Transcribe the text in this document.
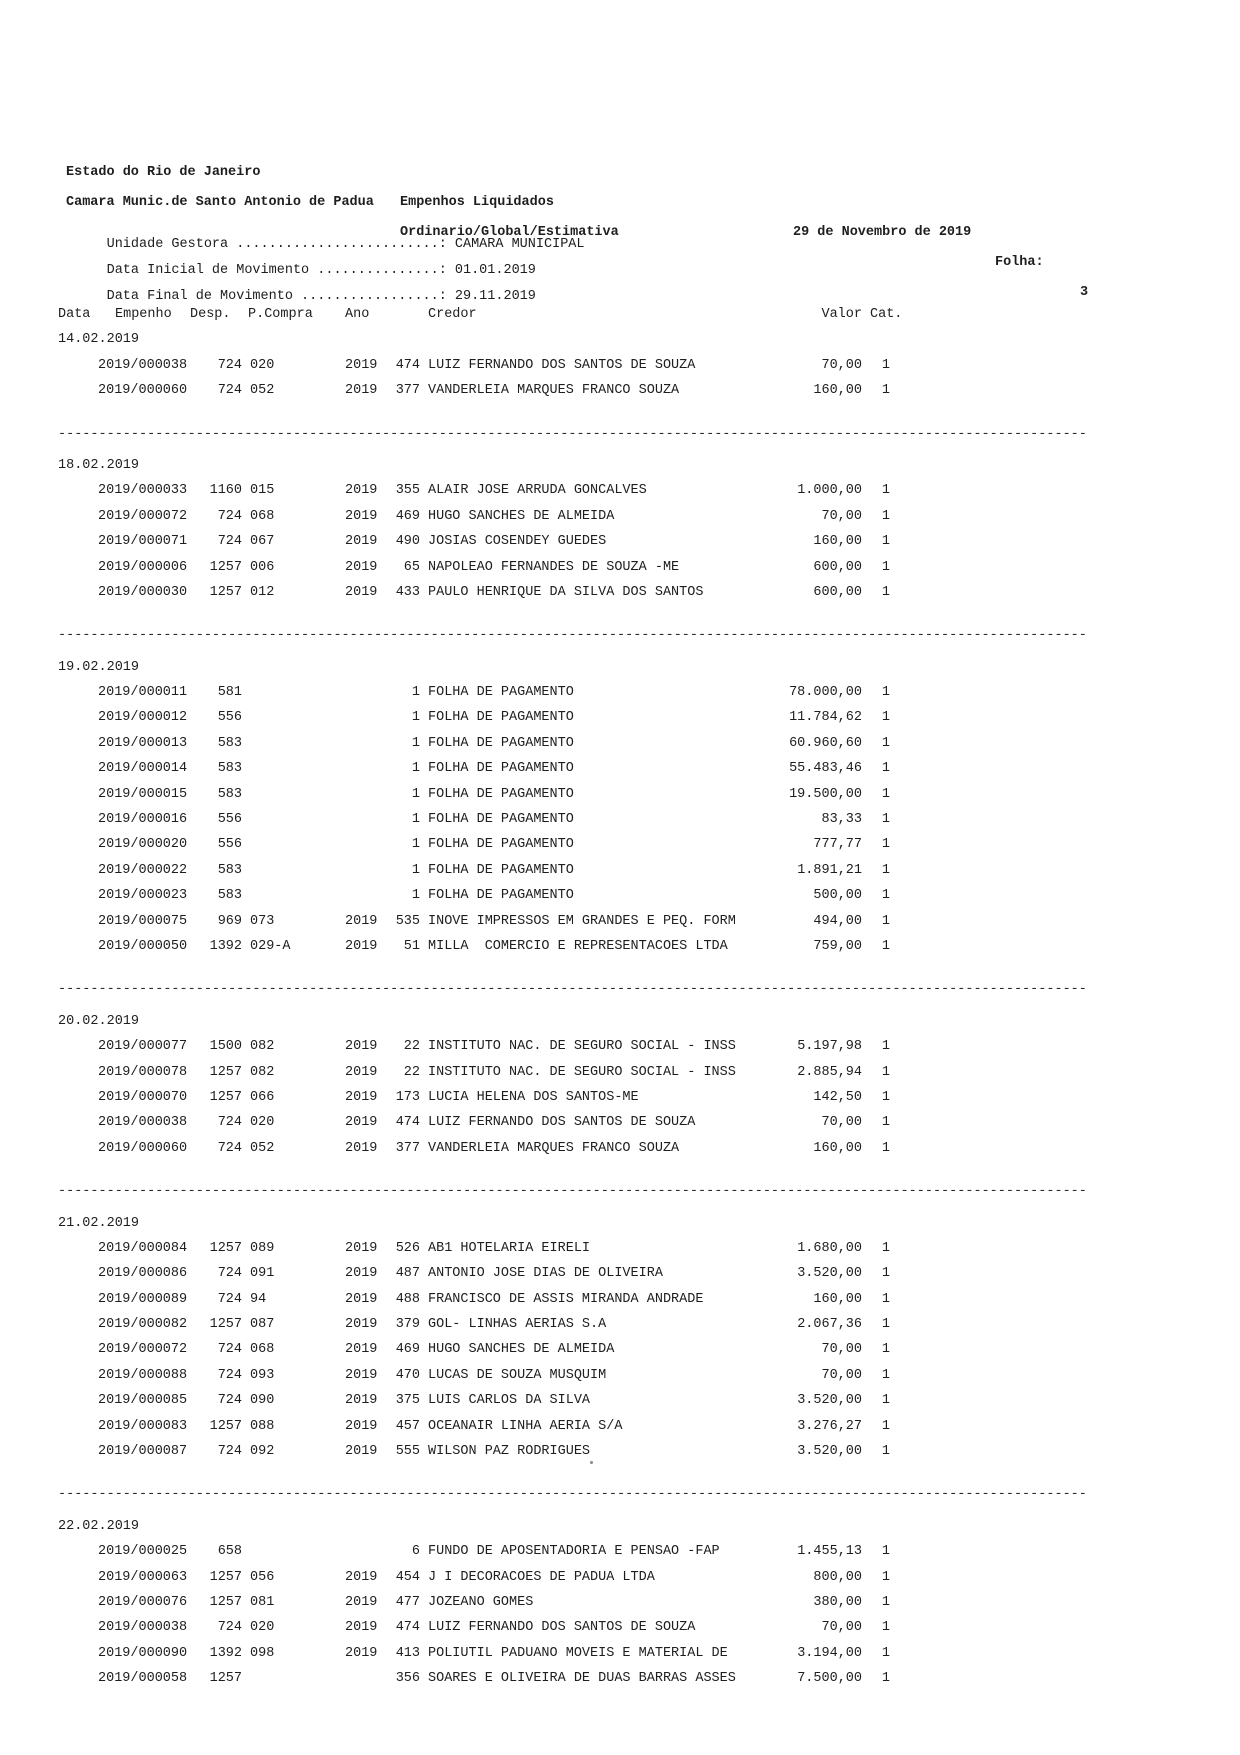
Estado do Rio de Janeiro

Empenhos Liquidados

29 de Novembro de 2019

Folha:

3

Camara Munic.de Santo Antonio de Padua

Ordinario/Global/Estimativa

Unidade Gestora .........................: CAMARA MUNICIPAL

Data Inicial de Movimento ...............: 01.01.2019

Data Final de Movimento .................: 29.11.2019

Data	Empenho	Desp.	P.Compra	Ano	Credor	Valor Cat.
14.02.2019
2019/000038	724 020	2019	474 LUIZ FERNANDO DOS SANTOS DE SOUZA	70,00	1
2019/000060	724 052	2019	377 VANDERLEIA MARQUES FRANCO SOUZA	160,00	1
-------------------------------------------------------------------------------------------------------------------------------
18.02.2019
2019/000033	1160 015	2019	355 ALAIR JOSE ARRUDA GONCALVES	1.000,00	1
2019/000072	724 068	2019	469 HUGO SANCHES DE ALMEIDA	70,00	1
2019/000071	724 067	2019	490 JOSIAS COSENDEY GUEDES	160,00	1
2019/000006	1257 006	2019	65 NAPOLEAO FERNANDES DE SOUZA -ME	600,00	1
2019/000030	1257 012	2019	433 PAULO HENRIQUE DA SILVA DOS SANTOS	600,00	1
-------------------------------------------------------------------------------------------------------------------------------
19.02.2019
2019/000011	581	1 FOLHA DE PAGAMENTO	78.000,00	1
2019/000012	556	1 FOLHA DE PAGAMENTO	11.784,62	1
2019/000013	583	1 FOLHA DE PAGAMENTO	60.960,60	1
2019/000014	583	1 FOLHA DE PAGAMENTO	55.483,46	1
2019/000015	583	1 FOLHA DE PAGAMENTO	19.500,00	1
2019/000016	556	1 FOLHA DE PAGAMENTO	83,33	1
2019/000020	556	1 FOLHA DE PAGAMENTO	777,77	1
2019/000022	583	1 FOLHA DE PAGAMENTO	1.891,21	1
2019/000023	583	1 FOLHA DE PAGAMENTO	500,00	1
2019/000075	969 073	2019	535 INOVE IMPRESSOS EM GRANDES E PEQ. FORM	494,00	1
2019/000050	1392 029-A	2019	51 MILLA  COMERCIO E REPRESENTACOES LTDA	759,00	1
-------------------------------------------------------------------------------------------------------------------------------
20.02.2019
2019/000077	1500 082	2019	22 INSTITUTO NAC. DE SEGURO SOCIAL - INSS	5.197,98	1
2019/000078	1257 082	2019	22 INSTITUTO NAC. DE SEGURO SOCIAL - INSS	2.885,94	1
2019/000070	1257 066	2019	173 LUCIA HELENA DOS SANTOS-ME	142,50	1
2019/000038	724 020	2019	474 LUIZ FERNANDO DOS SANTOS DE SOUZA	70,00	1
2019/000060	724 052	2019	377 VANDERLEIA MARQUES FRANCO SOUZA	160,00	1
-------------------------------------------------------------------------------------------------------------------------------
21.02.2019
2019/000084	1257 089	2019	526 AB1 HOTELARIA EIRELI	1.680,00	1
2019/000086	724 091	2019	487 ANTONIO JOSE DIAS DE OLIVEIRA	3.520,00	1
2019/000089	724 94	2019	488 FRANCISCO DE ASSIS MIRANDA ANDRADE	160,00	1
2019/000082	1257 087	2019	379 GOL- LINHAS AERIAS S.A	2.067,36	1
2019/000072	724 068	2019	469 HUGO SANCHES DE ALMEIDA	70,00	1
2019/000088	724 093	2019	470 LUCAS DE SOUZA MUSQUIM	70,00	1
2019/000085	724 090	2019	375 LUIS CARLOS DA SILVA	3.520,00	1
2019/000083	1257 088	2019	457 OCEANAIR LINHA AERIA S/A	3.276,27	1
2019/000087	724 092	2019	555 WILSON PAZ RODRIGUES	3.520,00	1
-------------------------------------------------------------------------------------------------------------------------------
22.02.2019
2019/000025	658	6 FUNDO DE APOSENTADORIA E PENSAO -FAP	1.455,13	1
2019/000063	1257 056	2019	454 J I DECORACOES DE PADUA LTDA	800,00	1
2019/000076	1257 081	2019	477 JOZEANO GOMES	380,00	1
2019/000038	724 020	2019	474 LUIZ FERNANDO DOS SANTOS DE SOUZA	70,00	1
2019/000090	1392 098	2019	413 POLIUTIL PADUANO MOVEIS E MATERIAL DE	3.194,00	1
2019/000058	1257	356 SOARES E OLIVEIRA DE DUAS BARRAS ASSES	7.500,00	1
